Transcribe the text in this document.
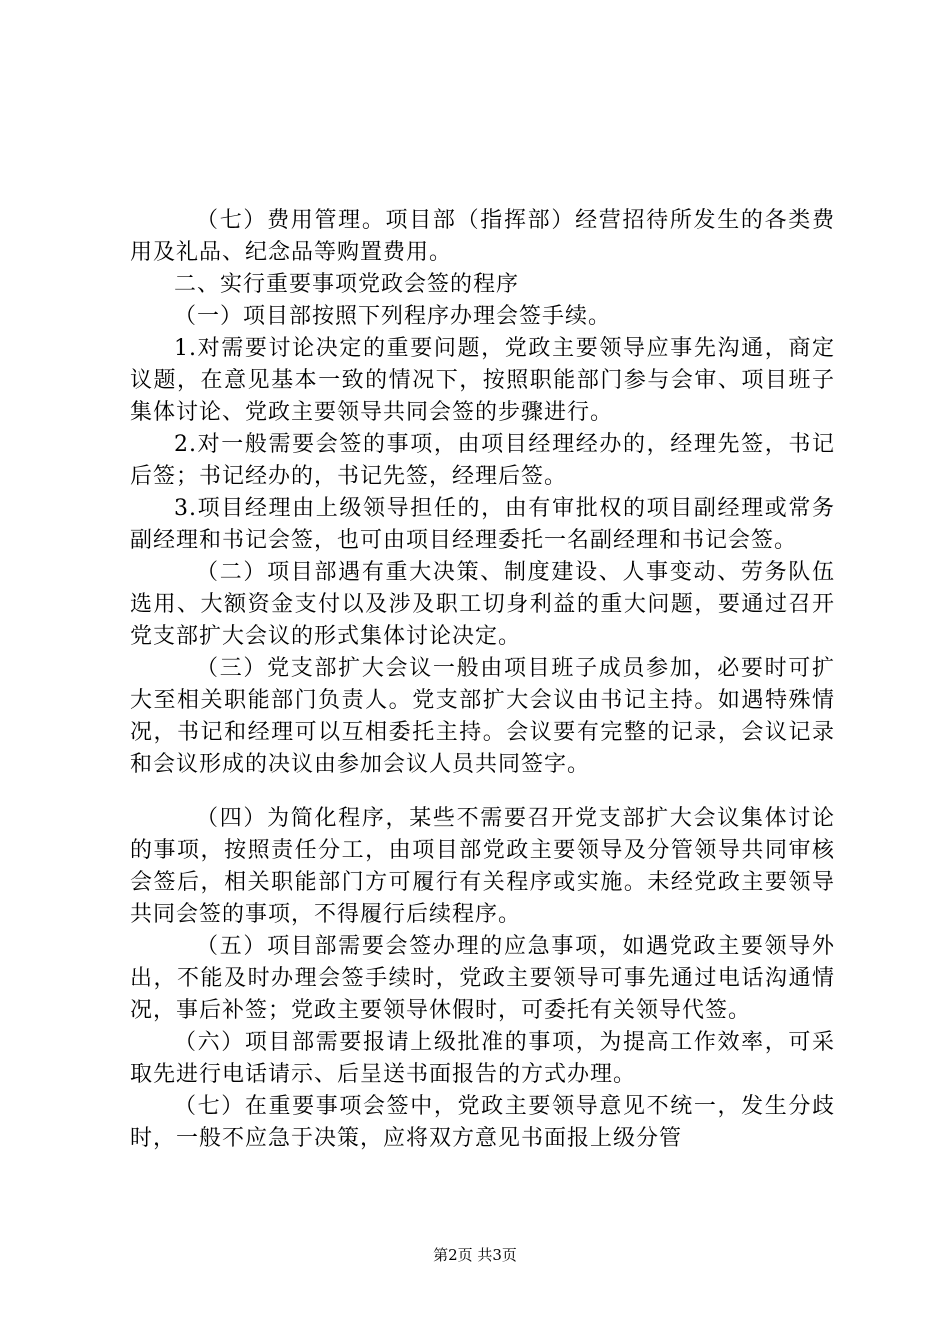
（七）费用管理。项目部（指挥部）经营招待所发生的各类费用及礼品、纪念品等购置费用。

二、实行重要事项党政会签的程序

（一）项目部按照下列程序办理会签手续。

1.对需要讨论决定的重要问题，党政主要领导应事先沟通，商定议题，在意见基本一致的情况下，按照职能部门参与会审、项目班子集体讨论、党政主要领导共同会签的步骤进行。

2.对一般需要会签的事项，由项目经理经办的，经理先签，书记后签；书记经办的，书记先签，经理后签。

3.项目经理由上级领导担任的，由有审批权的项目副经理或常务副经理和书记会签，也可由项目经理委托一名副经理和书记会签。

（二）项目部遇有重大决策、制度建设、人事变动、劳务队伍选用、大额资金支付以及涉及职工切身利益的重大问题，要通过召开党支部扩大会议的形式集体讨论决定。

（三）党支部扩大会议一般由项目班子成员参加，必要时可扩大至相关职能部门负责人。党支部扩大会议由书记主持。如遇特殊情况，书记和经理可以互相委托主持。会议要有完整的记录，会议记录和会议形成的决议由参加会议人员共同签字。

（四）为简化程序，某些不需要召开党支部扩大会议集体讨论的事项，按照责任分工，由项目部党政主要领导及分管领导共同审核会签后，相关职能部门方可履行有关程序或实施。未经党政主要领导共同会签的事项，不得履行后续程序。

（五）项目部需要会签办理的应急事项，如遇党政主要领导外出，不能及时办理会签手续时，党政主要领导可事先通过电话沟通情况，事后补签；党政主要领导休假时，可委托有关领导代签。

（六）项目部需要报请上级批准的事项，为提高工作效率，可采取先进行电话请示、后呈送书面报告的方式办理。

（七）在重要事项会签中，党政主要领导意见不统一，发生分歧时，一般不应急于决策，应将双方意见书面报上级分管

第2页 共3页
